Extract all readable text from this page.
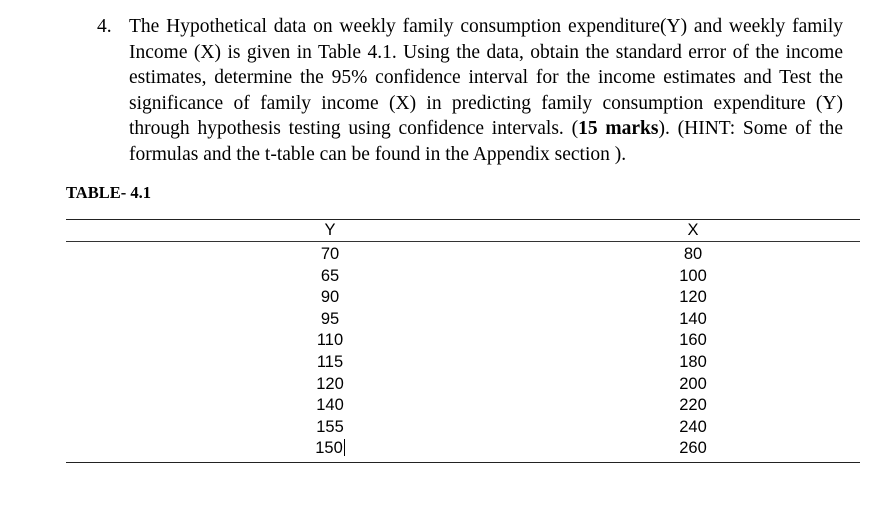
4. The Hypothetical data on weekly family consumption expenditure(Y) and weekly family Income (X) is given in Table 4.1. Using the data, obtain the standard error of the income estimates, determine the 95% confidence interval for the income estimates and Test the significance of family income (X) in predicting family consumption expenditure (Y) through hypothesis testing using confidence intervals. (15 marks). (HINT: Some of the formulas and the t-table can be found in the Appendix section ).
TABLE- 4.1
Y	X
70	80
65	100
90	120
95	140
110	160
115	180
120	200
140	220
155	240
150	260
